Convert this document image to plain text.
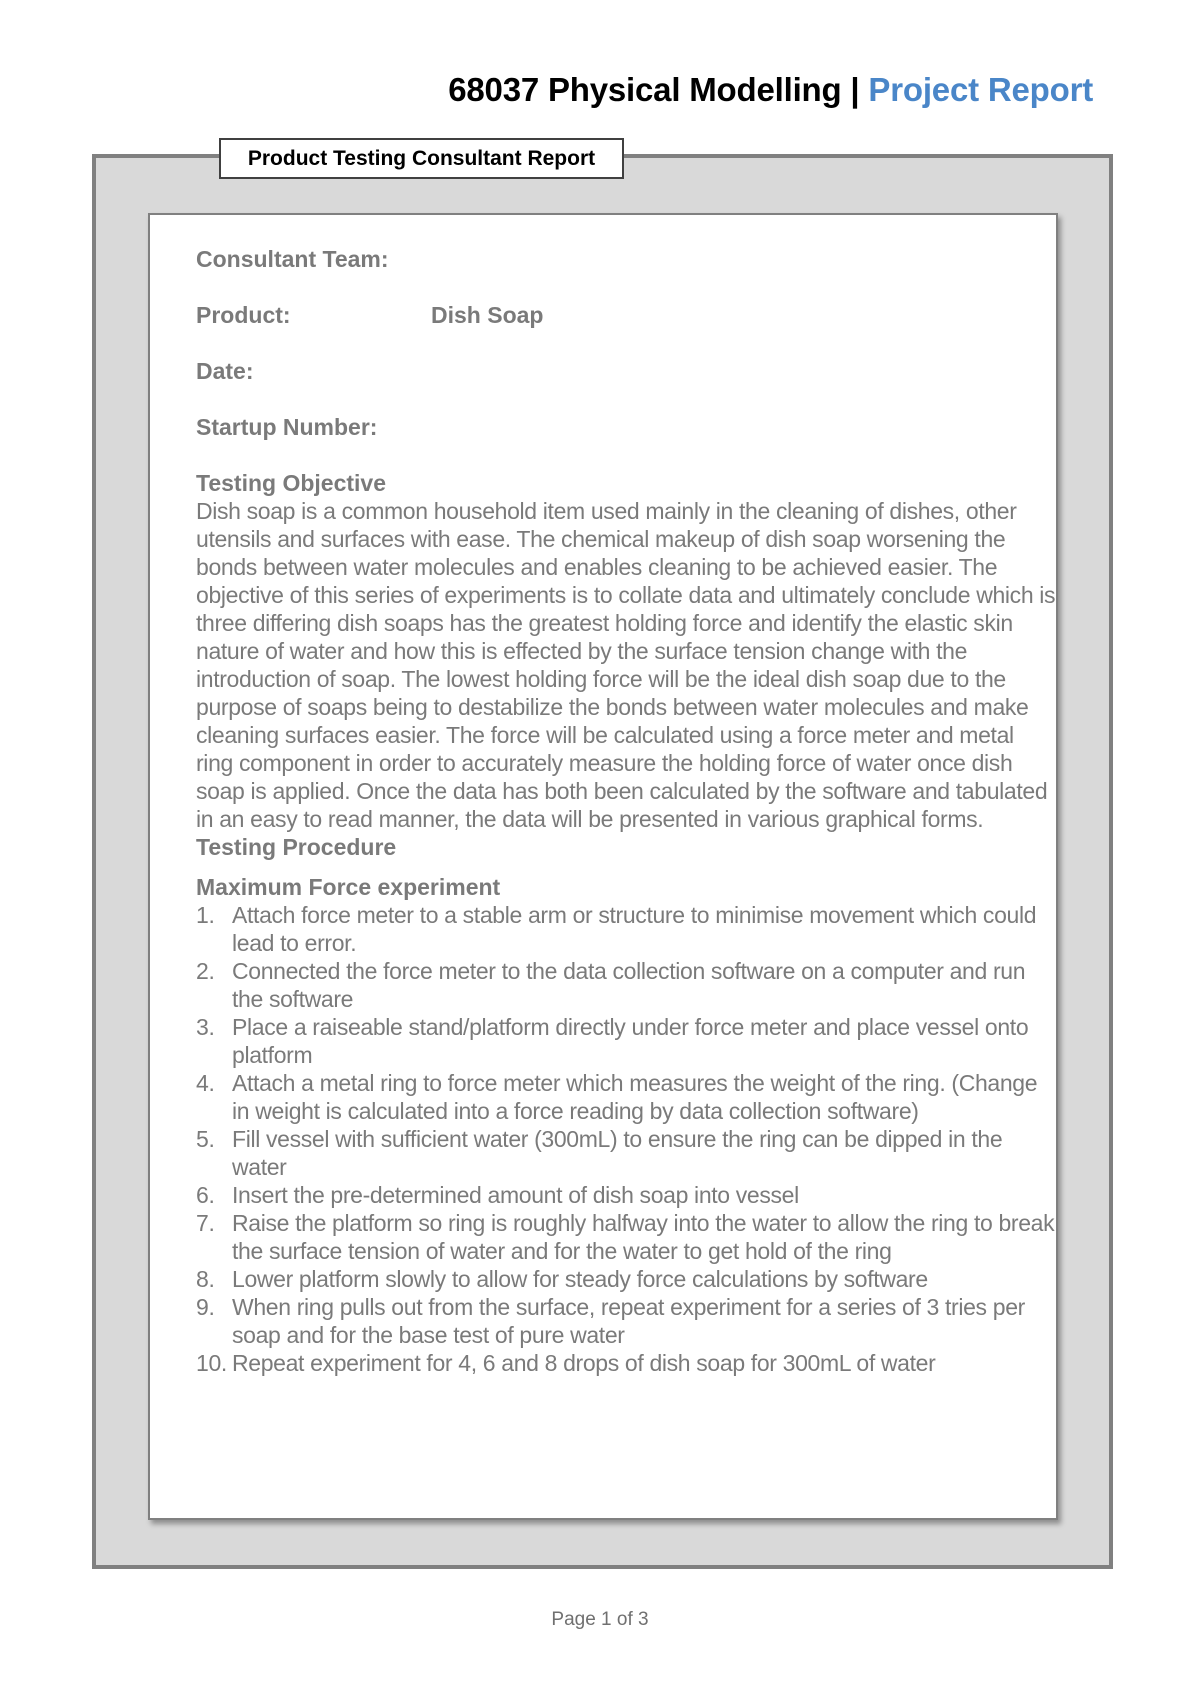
68037 Physical Modelling | Project Report
Product Testing Consultant Report
Consultant Team:
Product:	Dish Soap
Date:
Startup Number:
Testing Objective

Dish soap is a common household item used mainly in the cleaning of dishes, other utensils and surfaces with ease. The chemical makeup of dish soap worsening the bonds between water molecules and enables cleaning to be achieved easier. The objective of this series of experiments is to collate data and ultimately conclude which is three differing dish soaps has the greatest holding force and identify the elastic skin nature of water and how this is effected by the surface tension change with the introduction of soap. The lowest holding force will be the ideal dish soap due to the purpose of soaps being to destabilize the bonds between water molecules and make cleaning surfaces easier. The force will be calculated using a force meter and metal ring component in order to accurately measure the holding force of water once dish soap is applied. Once the data has both been calculated by the software and tabulated in an easy to read manner, the data will be presented in various graphical forms.

Testing Procedure
Maximum Force experiment
1. Attach force meter to a stable arm or structure to minimise movement which could lead to error.
2. Connected the force meter to the data collection software on a computer and run the software
3. Place a raiseable stand/platform directly under force meter and place vessel onto platform
4. Attach a metal ring to force meter which measures the weight of the ring. (Change in weight is calculated into a force reading by data collection software)
5. Fill vessel with sufficient water (300mL) to ensure the ring can be dipped in the water
6. Insert the pre-determined amount of dish soap into vessel
7. Raise the platform so ring is roughly halfway into the water to allow the ring to break the surface tension of water and for the water to get hold of the ring
8. Lower platform slowly to allow for steady force calculations by software
9. When ring pulls out from the surface, repeat experiment for a series of 3 tries per soap and for the base test of pure water
10. Repeat experiment for 4, 6 and 8 drops of dish soap for 300mL of water
Page 1 of 3
